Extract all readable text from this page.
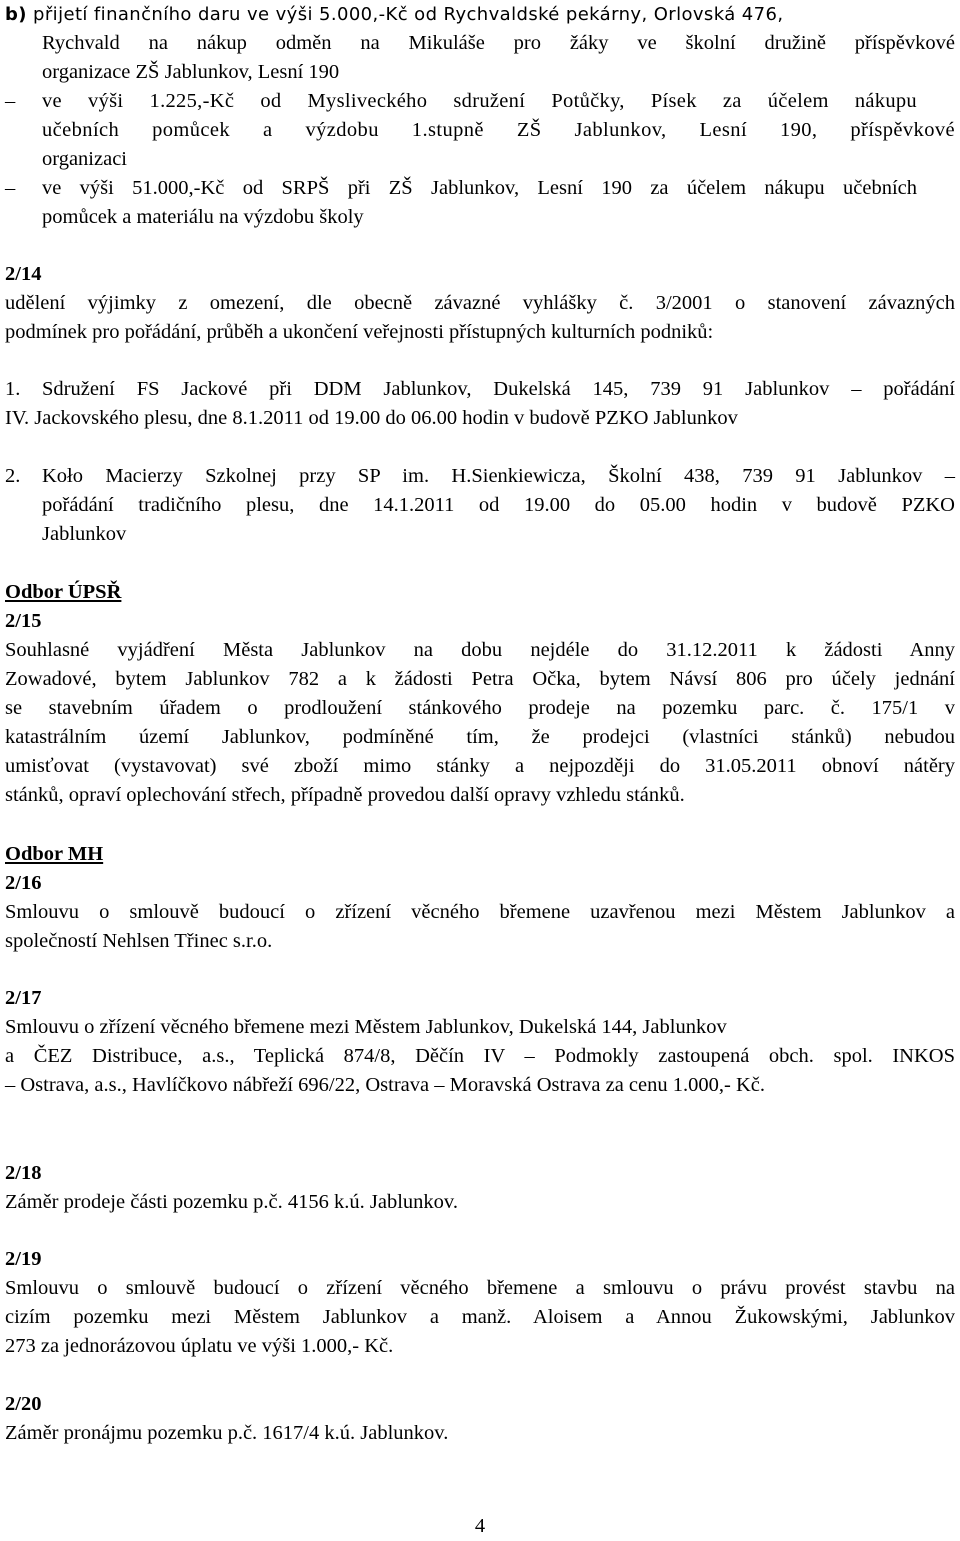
b) přijetí finančního daru ve výši 5.000,-Kč od Rychvaldské pekárny, Orlovská 476,
Rychvald na nákup odměn na Mikuláše pro žáky ve školní družině příspěvkové
organizace ZŠ Jablunkov, Lesní 190
– ve výši 1.225,-Kč od Mysliveckého sdružení Potůčky, Písek za účelem nákupu
učebních pomůcek a výzdobu 1.stupně ZŠ Jablunkov, Lesní 190, příspěvkové
organizaci
– ve výši 51.000,-Kč od SRPŠ při ZŠ Jablunkov, Lesní 190 za účelem nákupu učebních
pomůcek a materiálu na výzdobu školy
2/14
udělení výjimky z omezení, dle obecně závazné vyhlášky č. 3/2001 o stanovení závazných
podmínek pro pořádání, průběh a ukončení veřejnosti přístupných kulturních podniků:
1. Sdružení FS Jackové při DDM Jablunkov, Dukelská 145, 739 91 Jablunkov – pořádání
IV. Jackovského plesu, dne 8.1.2011 od 19.00 do 06.00 hodin v budově PZKO Jablunkov
2. Koło Macierzy Szkolnej przy SP im. H.Sienkiewicza, Školní 438, 739 91 Jablunkov –
pořádání tradičního plesu, dne 14.1.2011 od 19.00 do 05.00 hodin v budově PZKO
Jablunkov
Odbor ÚPSŘ
2/15
Souhlasné vyjádření Města Jablunkov na dobu nejdéle do 31.12.2011 k žádosti Anny
Zowadové, bytem Jablunkov 782 a k žádosti Petra Očka, bytem Návsí 806 pro účely jednání
se stavebním úřadem o prodloužení stánkového prodeje na pozemku parc. č. 175/1 v
katastrálním území Jablunkov, podmíněné tím, že prodejci (vlastníci stánků) nebudou
umisťovat (vystavovat) své zboží mimo stánky a nejpozději do 31.05.2011 obnoví nátěry
stánků, opraví oplechování střech, případně provedou další opravy vzhledu stánků.
Odbor MH
2/16
Smlouvu o smlouvě budoucí o zřízení věcného břemene uzavřenou mezi Městem Jablunkov a
společností Nehlsen Třinec s.r.o.
2/17
Smlouvu o zřízení věcného břemene mezi Městem Jablunkov, Dukelská 144, Jablunkov
a ČEZ Distribuce, a.s., Teplická 874/8, Děčín IV – Podmokly zastoupená obch. spol. INKOS
– Ostrava, a.s., Havlíčkovo nábřeží 696/22, Ostrava – Moravská Ostrava za cenu 1.000,- Kč.
2/18
Záměr prodeje části pozemku p.č. 4156 k.ú. Jablunkov.
2/19
Smlouvu o smlouvě budoucí o zřízení věcného břemene a smlouvu o právu provést stavbu na
cizím pozemku mezi Městem Jablunkov a manž. Aloisem a Annou Žukowskými, Jablunkov
273 za jednorázovou úplatu ve výši 1.000,- Kč.
2/20
Záměr pronájmu pozemku p.č. 1617/4 k.ú. Jablunkov.
4
